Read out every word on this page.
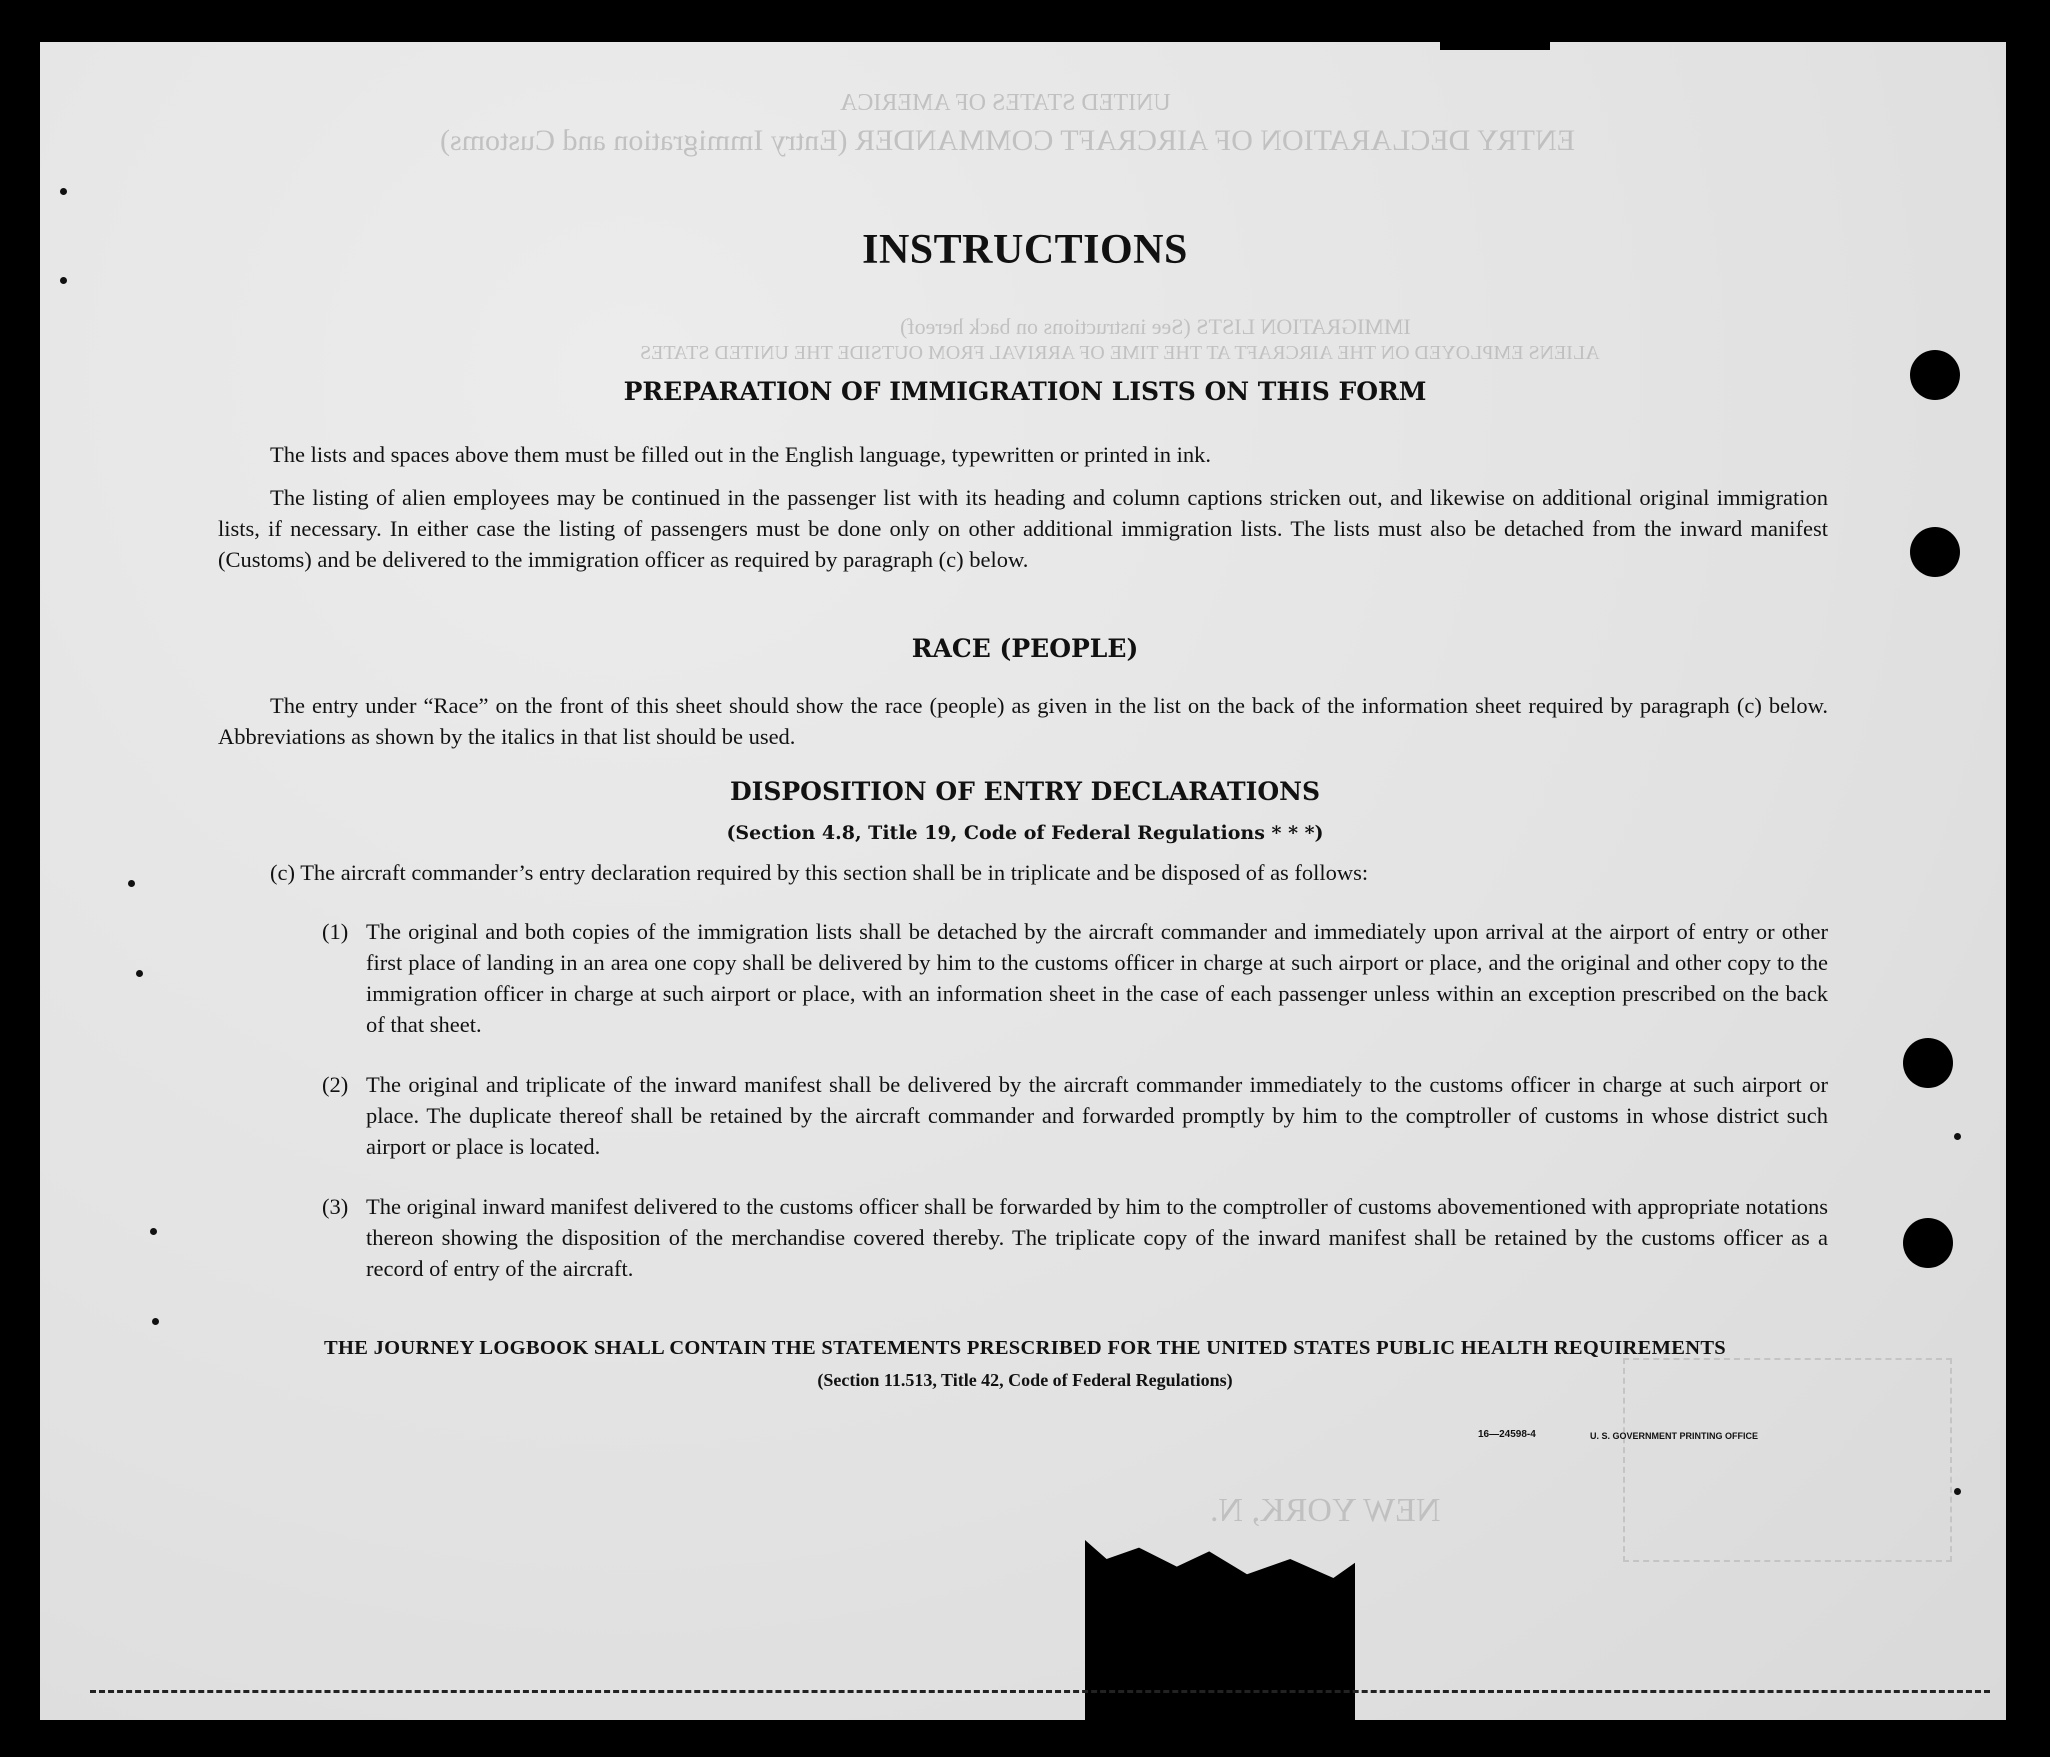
UNITED STATES OF AMERICA
ENTRY DECLARATION OF AIRCRAFT COMMANDER (Entry Immigration and Customs)
IMMIGRATION LISTS (See instructions on back hereof)
ALIENS EMPLOYED ON THE AIRCRAFT AT THE TIME OF ARRIVAL FROM OUTSIDE THE UNITED STATES
NEW YORK, N.
INSTRUCTIONS
PREPARATION OF IMMIGRATION LISTS ON THIS FORM
The lists and spaces above them must be filled out in the English language, typewritten or printed in ink.
The listing of alien employees may be continued in the passenger list with its heading and column captions stricken out, and likewise on additional original immigration lists, if necessary. In either case the listing of passengers must be done only on other additional immigration lists. The lists must also be detached from the inward manifest (Customs) and be delivered to the immigration officer as required by paragraph (c) below.
RACE (PEOPLE)
The entry under “Race” on the front of this sheet should show the race (people) as given in the list on the back of the information sheet required by paragraph (c) below. Abbreviations as shown by the italics in that list should be used.
DISPOSITION OF ENTRY DECLARATIONS
(Section 4.8, Title 19, Code of Federal Regulations * * *)
(c) The aircraft commander’s entry declaration required by this section shall be in triplicate and be disposed of as follows:
(1) The original and both copies of the immigration lists shall be detached by the aircraft commander and immediately upon arrival at the airport of entry or other first place of landing in an area one copy shall be delivered by him to the customs officer in charge at such airport or place, and the original and other copy to the immigration officer in charge at such airport or place, with an information sheet in the case of each passenger unless within an exception prescribed on the back of that sheet.
(2) The original and triplicate of the inward manifest shall be delivered by the aircraft commander immediately to the customs officer in charge at such airport or place. The duplicate thereof shall be retained by the aircraft commander and forwarded promptly by him to the comptroller of customs in whose district such airport or place is located.
(3) The original inward manifest delivered to the customs officer shall be forwarded by him to the comptroller of customs abovementioned with appropriate notations thereon showing the disposition of the merchandise covered thereby. The triplicate copy of the inward manifest shall be retained by the customs officer as a record of entry of the aircraft.
THE JOURNEY LOGBOOK SHALL CONTAIN THE STATEMENTS PRESCRIBED FOR THE UNITED STATES PUBLIC HEALTH REQUIREMENTS
(Section 11.513, Title 42, Code of Federal Regulations)
16—24598-4	U. S. GOVERNMENT PRINTING OFFICE
